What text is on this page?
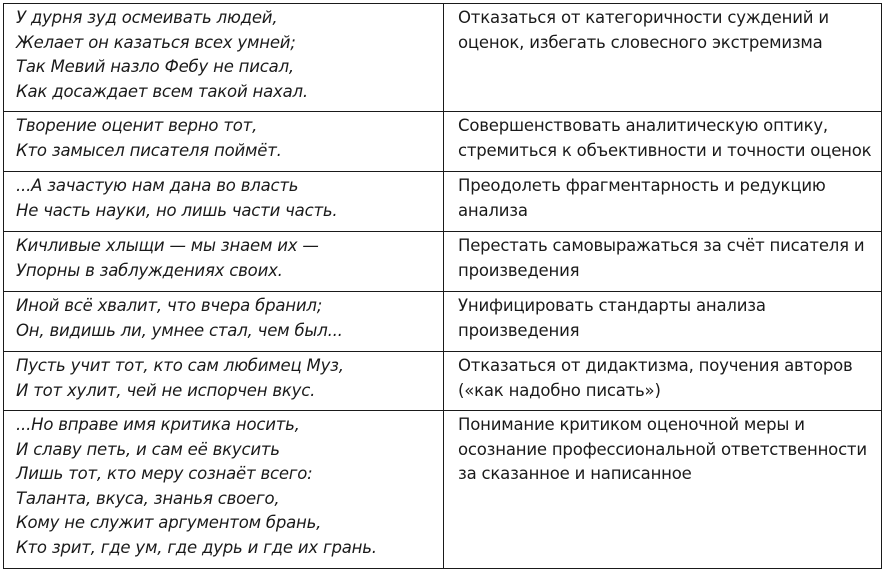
У дурня зуд осмеивать людей,
Желает он казаться всех умней;
Так Мевий назло Фебу не писал,
Как досаждает всем такой нахал.
Отказаться от категоричности суждений и оценок, избегать словесного экстремизма
Творение оценит верно тот,
Кто замысел писателя поймёт.
Совершенствовать аналитическую оптику, стремиться к объективности и точности оценок
...А зачастую нам дана во власть
Не часть науки, но лишь части часть.
Преодолеть фрагментарность и редукцию анализа
Кичливые хлыщи — мы знаем их —
Упорны в заблуждениях своих.
Перестать самовыражаться за счёт писателя и произведения
Иной всё хвалит, что вчера бранил;
Он, видишь ли, умнее стал, чем был...
Унифицировать стандарты анализа произведения
Пусть учит тот, кто сам любимец Муз,
И тот хулит, чей не испорчен вкус.
Отказаться от дидактизма, поучения авторов («как надобно писать»)
...Но вправе имя критика носить,
И славу петь, и сам её вкусить
Лишь тот, кто меру сознаёт всего:
Таланта, вкуса, знанья своего,
Кому не служит аргументом брань,
Кто зрит, где ум, где дурь и где их грань.
Понимание критиком оценочной меры и осознание профессиональной ответственности за сказанное и написанное
